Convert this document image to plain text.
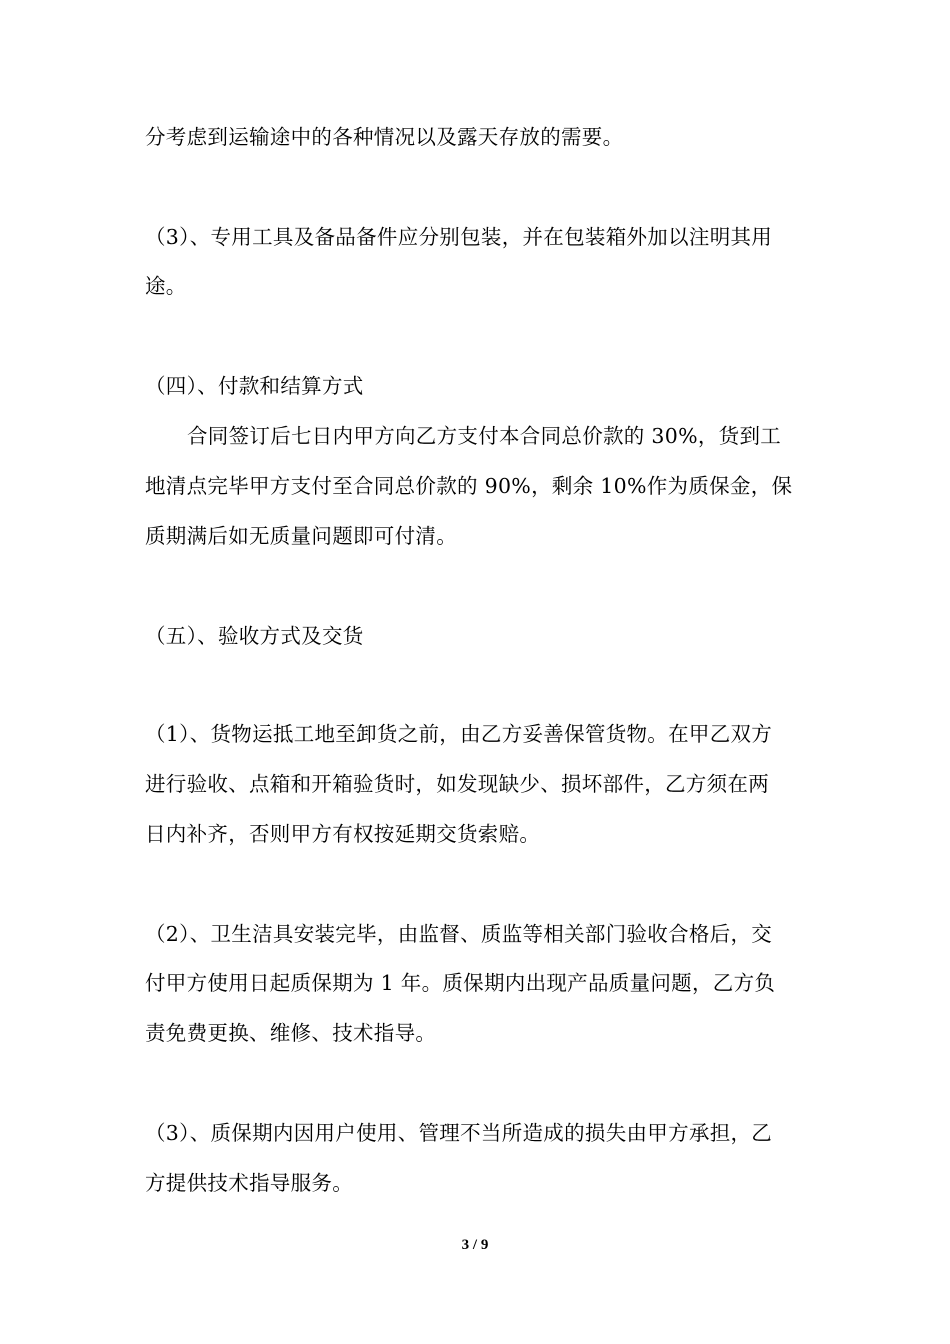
分考虑到运输途中的各种情况以及露天存放的需要。
（3）、专用工具及备品备件应分别包装，并在包装箱外加以注明其用
途。
（四）、付款和结算方式
合同签订后七日内甲方向乙方支付本合同总价款的 30%，货到工
地清点完毕甲方支付至合同总价款的 90%，剩余 10%作为质保金，保
质期满后如无质量问题即可付清。
（五）、验收方式及交货
（1）、货物运抵工地至卸货之前，由乙方妥善保管货物。在甲乙双方
进行验收、点箱和开箱验货时，如发现缺少、损坏部件，乙方须在两
日内补齐，否则甲方有权按延期交货索赔。
（2）、卫生洁具安装完毕，由监督、质监等相关部门验收合格后，交
付甲方使用日起质保期为 1 年。质保期内出现产品质量问题，乙方负
责免费更换、维修、技术指导。
（3）、质保期内因用户使用、管理不当所造成的损失由甲方承担，乙
方提供技术指导服务。
3 / 9
